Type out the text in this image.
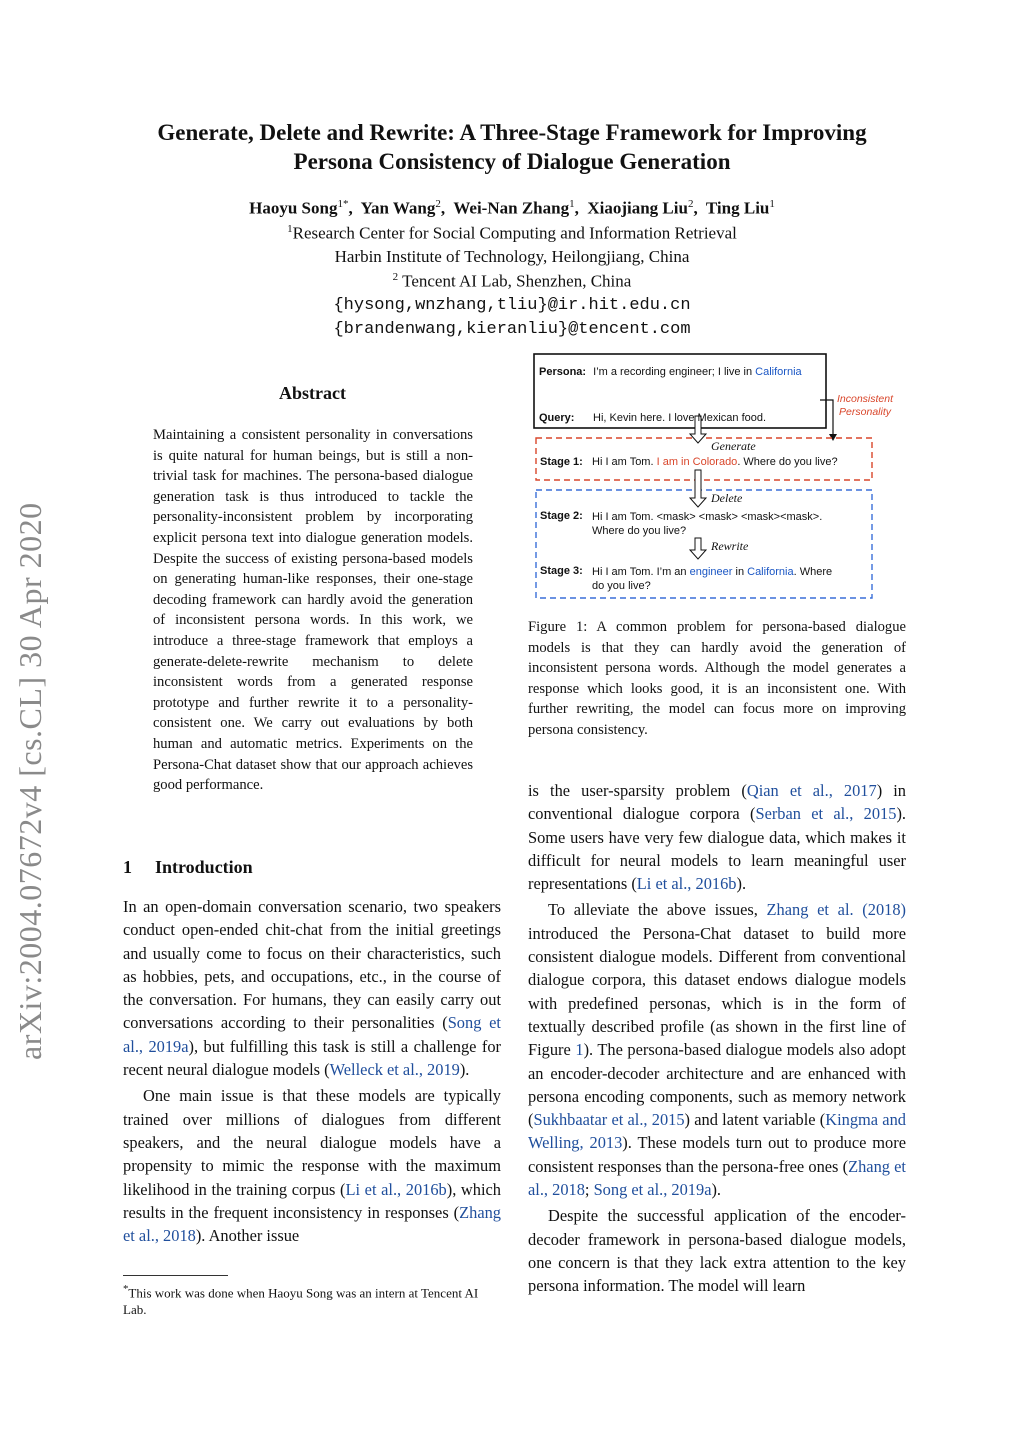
Generate, Delete and Rewrite: A Three-Stage Framework for Improving
Persona Consistency of Dialogue Generation
Haoyu Song$^{1*}$,  Yan Wang$^2$,  Wei-Nan Zhang$^1$,  Xiaojiang Liu$^2$,  Ting Liu$^1$
$^1$Research Center for Social Computing and Information Retrieval
Harbin Institute of Technology, Heilongjiang, China
$^2$ Tencent AI Lab, Shenzhen, China
{hysong,wnzhang,tliu}@ir.hit.edu.cn
{brandenwang,kieranliu}@tencent.com
arXiv:2004.07672v4 [cs.CL] 30 Apr 2020
Abstract
Maintaining a consistent personality in conversations is quite natural for human beings, but is still a non-trivial task for machines. The persona-based dialogue generation task is thus introduced to tackle the personality-inconsistent problem by incorporating explicit persona text into dialogue generation models. Despite the success of existing persona-based models on generating human-like responses, their one-stage decoding framework can hardly avoid the generation of inconsistent persona words. In this work, we introduce a three-stage framework that employs a generate-delete-rewrite mechanism to delete inconsistent words from a generated response prototype and further rewrite it to a personality-consistent one. We carry out evaluations by both human and automatic metrics. Experiments on the Persona-Chat dataset show that our approach achieves good performance.
1 Introduction

In an open-domain conversation scenario, two speakers conduct open-ended chit-chat from the initial greetings and usually come to focus on their characteristics, such as hobbies, pets, and occupations, etc., in the course of the conversation. For humans, they can easily carry out conversations according to their personalities (Song et al., 2019a), but fulfilling this task is still a challenge for recent neural dialogue models (Welleck et al., 2019).

One main issue is that these models are typically trained over millions of dialogues from different speakers, and the neural dialogue models have a propensity to mimic the response with the maximum likelihood in the training corpus (Li et al., 2016b), which results in the frequent inconsistency in responses (Zhang et al., 2018). Another issue

*This work was done when Haoyu Song was an intern at Tencent AI Lab.
Persona: I’m a recording engineer; I live in California
Query: Hi, Kevin here. I love Mexican food.
Inconsistent
Personality
Generate
Stage 1: Hi I am Tom. I am in Colorado. Where do you live?
Delete
Stage 2: Hi I am Tom. <mask> <mask> <mask><mask>.
Where do you live?
Rewrite
Stage 3: Hi I am Tom. I’m an engineer in California. Where
do you live?
Figure 1: A common problem for persona-based dialogue models is that they can hardly avoid the generation of inconsistent persona words. Although the model generates a response which looks good, it is an inconsistent one. With further rewriting, the model can focus more on improving persona consistency.

is the user-sparsity problem (Qian et al., 2017) in conventional dialogue corpora (Serban et al., 2015). Some users have very few dialogue data, which makes it difficult for neural models to learn meaningful user representations (Li et al., 2016b).

To alleviate the above issues, Zhang et al. (2018) introduced the Persona-Chat dataset to build more consistent dialogue models. Different from conventional dialogue corpora, this dataset endows dialogue models with predefined personas, which is in the form of textually described profile (as shown in the first line of Figure 1). The persona-based dialogue models also adopt an encoder-decoder architecture and are enhanced with persona encoding components, such as memory network (Sukhbaatar et al., 2015) and latent variable (Kingma and Welling, 2013). These models turn out to produce more consistent responses than the persona-free ones (Zhang et al., 2018; Song et al., 2019a).

Despite the successful application of the encoder-decoder framework in persona-based dialogue models, one concern is that they lack extra attention to the key persona information. The model will learn
